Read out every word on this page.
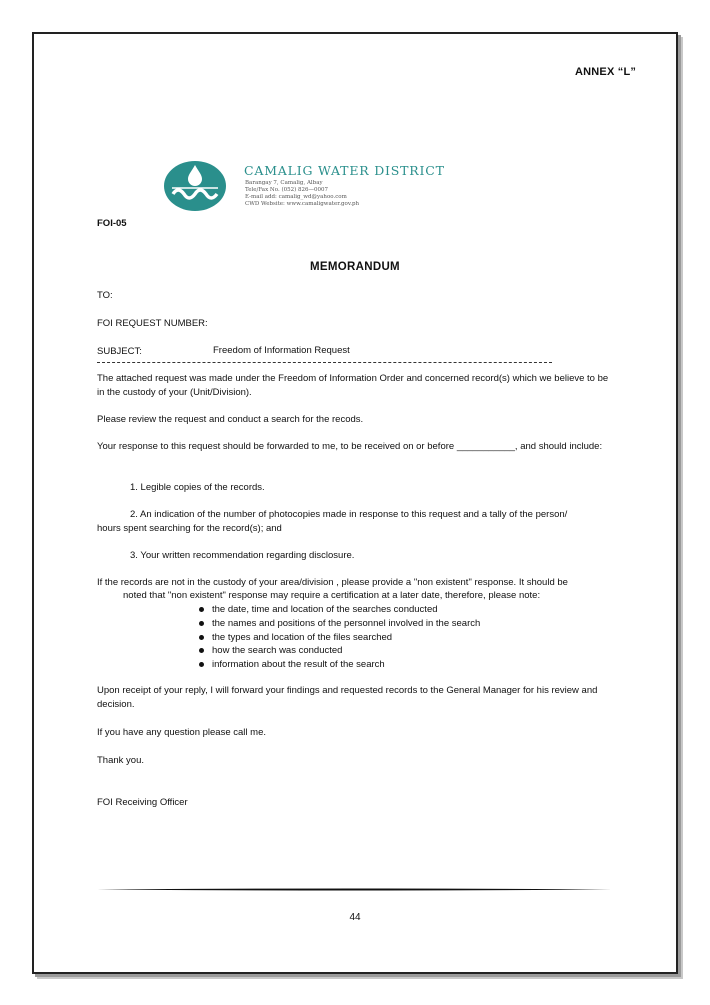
ANNEX “L”
CAMALIG WATER DISTRICT
Barangay 7, Camalig, Albay
Tele/Fax No. (052) 826—0007
E-mail add: camalig_wd@yahoo.com
CWD Website: www.camaligwater.gov.ph
FOI-05
MEMORANDUM
TO:
FOI REQUEST NUMBER:
SUBJECT:	Freedom of Information Request
The attached request was made under the Freedom of Information Order and concerned record(s) which we believe to be in the custody of your (Unit/Division).
Please review the request and conduct a search for the recods.
Your response to this request should be forwarded to me, to be received on or before ___________, and should include:
1. Legible copies of the records.
2. An indication of the number of photocopies made in response to this request and a tally of the person/
hours spent searching for the record(s); and
3. Your written recommendation regarding disclosure.
If the records are not in the custody of your area/division , please provide a "non existent" response. It should be
noted that "non existent" response may require a certification at a later date, therefore, please note:
the date, time and location of the searches conducted
the names and positions of the personnel involved in the search
the types and location of the files searched
how the search was conducted
information about the result of the search
Upon receipt of your reply, I will forward your findings and requested records to the General Manager for his review and decision.
If you have any question please call me.
Thank you.
FOI Receiving Officer
44
